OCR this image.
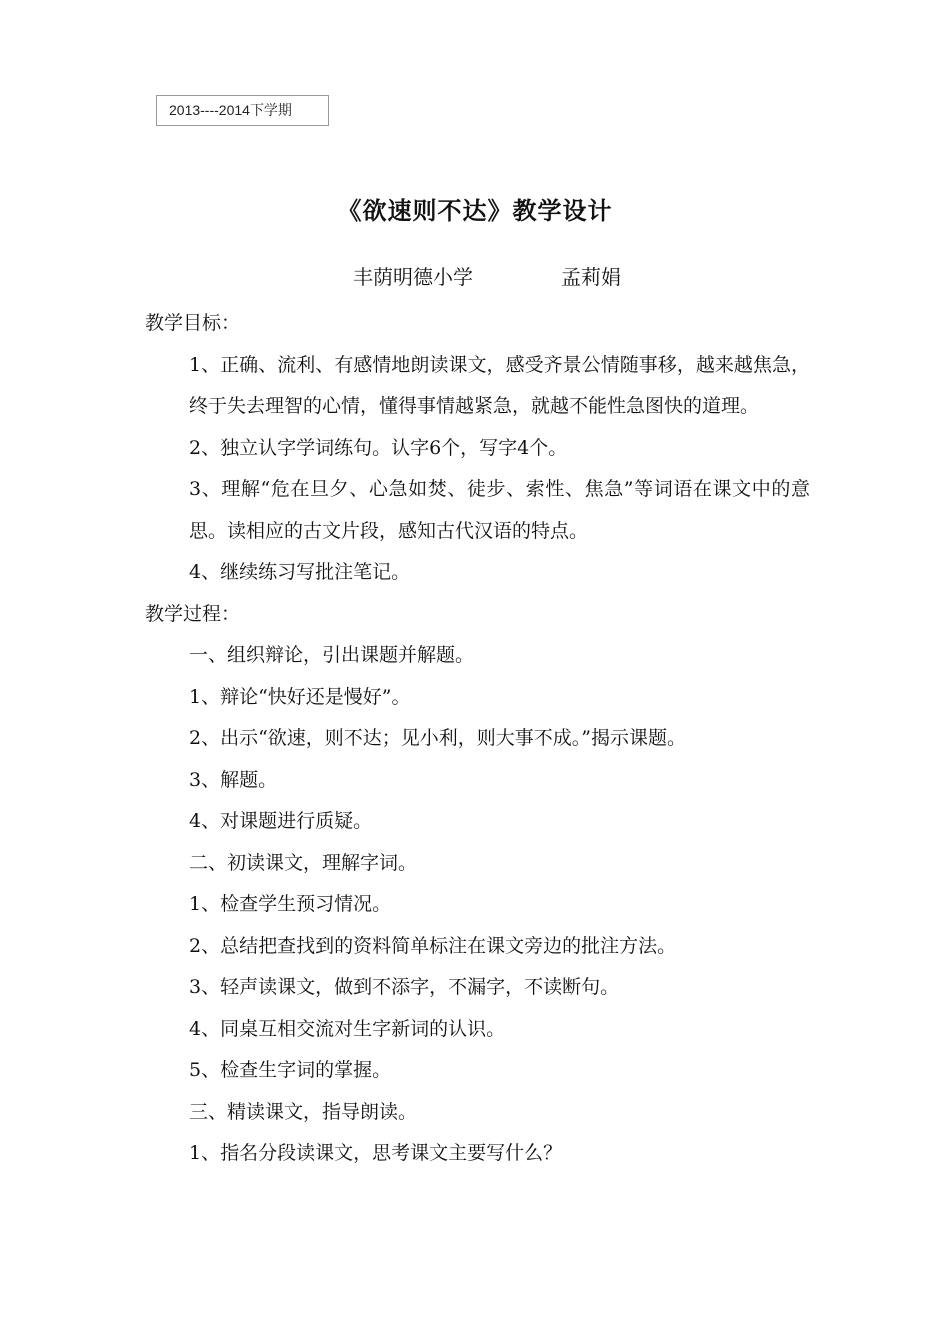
2013----2014下学期
《欲速则不达》教学设计
丰荫明德小学	孟莉娟

教学目标：

1、正确、流利、有感情地朗读课文，感受齐景公情随事移，越来越焦急，终于失去理智的心情，懂得事情越紧急，就越不能性急图快的道理。

2、独立认字学词练句。认字6个，写字4个。

3、理解“危在旦夕、心急如焚、徒步、索性、焦急”等词语在课文中的意思。读相应的古文片段，感知古代汉语的特点。

4、继续练习写批注笔记。

教学过程：

一、组织辩论，引出课题并解题。

1、辩论“快好还是慢好”。

2、出示“欲速，则不达；见小利，则大事不成。”揭示课题。

3、解题。

4、对课题进行质疑。

二、初读课文，理解字词。

1、检查学生预习情况。

2、总结把查找到的资料简单标注在课文旁边的批注方法。

3、轻声读课文，做到不添字，不漏字，不读断句。

4、同桌互相交流对生字新词的认识。

5、检查生字词的掌握。

三、精读课文，指导朗读。

1、指名分段读课文，思考课文主要写什么？
